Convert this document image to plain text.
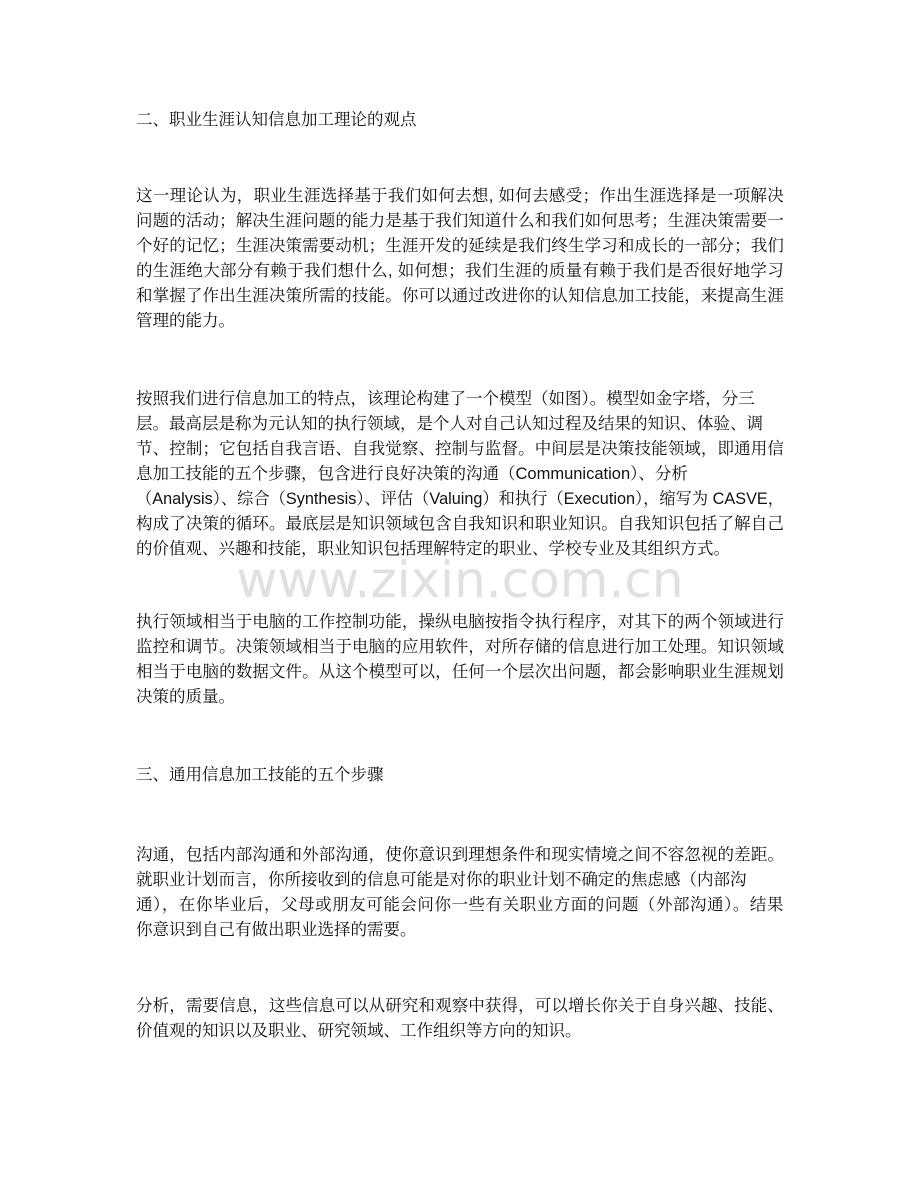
二、职业生涯认知信息加工理论的观点
这一理论认为，职业生涯选择基于我们如何去想, 如何去感受；作出生涯选择是一项解决
问题的活动；解决生涯问题的能力是基于我们知道什么和我们如何思考；生涯决策需要一
个好的记忆；生涯决策需要动机；生涯开发的延续是我们终生学习和成长的一部分；我们
的生涯绝大部分有赖于我们想什么, 如何想；我们生涯的质量有赖于我们是否很好地学习
和掌握了作出生涯决策所需的技能。你可以通过改进你的认知信息加工技能，来提高生涯
管理的能力。
按照我们进行信息加工的特点，该理论构建了一个模型（如图）。模型如金字塔，分三
层。最高层是称为元认知的执行领域，是个人对自己认知过程及结果的知识、体验、调
节、控制；它包括自我言语、自我觉察、控制与监督。中间层是决策技能领域，即通用信
息加工技能的五个步骤，包含进行良好决策的沟通（Communication）、分析
（Analysis）、综合（Synthesis）、评估（Valuing）和执行（Execution），缩写为 CASVE，
构成了决策的循环。最底层是知识领域包含自我知识和职业知识。自我知识包括了解自己
的价值观、兴趣和技能，职业知识包括理解特定的职业、学校专业及其组织方式。
www.zixin.com.cn
执行领域相当于电脑的工作控制功能，操纵电脑按指令执行程序，对其下的两个领域进行
监控和调节。决策领域相当于电脑的应用软件，对所存储的信息进行加工处理。知识领域
相当于电脑的数据文件。从这个模型可以，任何一个层次出问题，都会影响职业生涯规划
决策的质量。
三、通用信息加工技能的五个步骤
沟通，包括内部沟通和外部沟通，使你意识到理想条件和现实情境之间不容忽视的差距。
就职业计划而言，你所接收到的信息可能是对你的职业计划不确定的焦虑感（内部沟
通），在你毕业后，父母或朋友可能会问你一些有关职业方面的问题（外部沟通）。结果
你意识到自己有做出职业选择的需要。
分析，需要信息，这些信息可以从研究和观察中获得，可以增长你关于自身兴趣、技能、
价值观的知识以及职业、研究领域、工作组织等方向的知识。
